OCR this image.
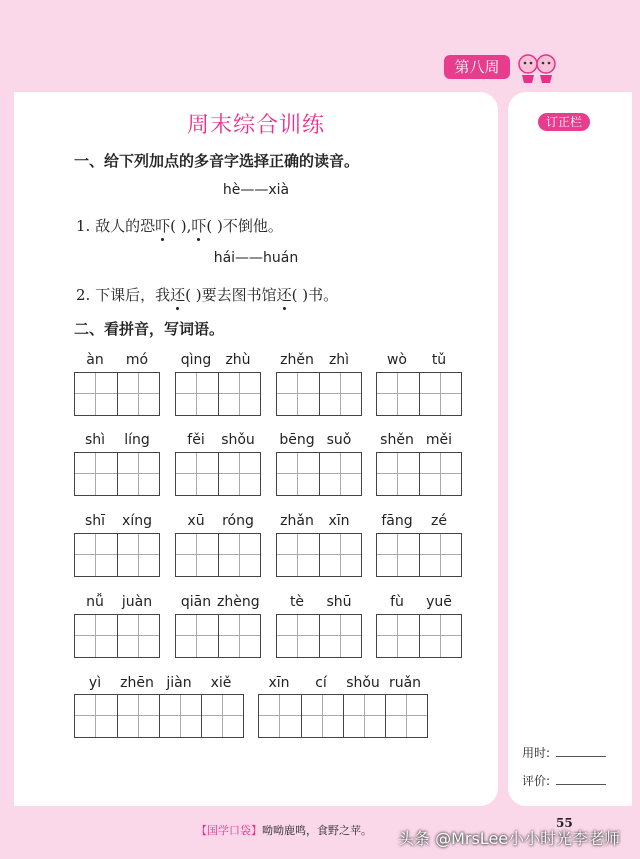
第八周
订正栏
周末综合训练
一、给下列加点的多音字选择正确的读音。
hè——xià
1. 敌人的恐吓( ),吓( )不倒他。
hái——huán
2. 下课后，我还( )要去图书馆还( )书。
二、看拼音，写词语。
àn	mó	qìng	zhù	zhěn	zhì	wò	tǔ
shì	líng	fěi	shǒu	bēng suǒ	shěn měi
shī	xíng	xū	róng	zhǎn	xīn	fāng	zé
nǚ	juàn	qiān zhèng	tè	shū	fù	yuē
yì	zhēn jiàn	xiě	xīn	cí	shǒu ruǎn
用时:
评价:
【国学口袋】呦呦鹿鸣，食野之苹。
55
头条 @MrsLee小小时光李老师
